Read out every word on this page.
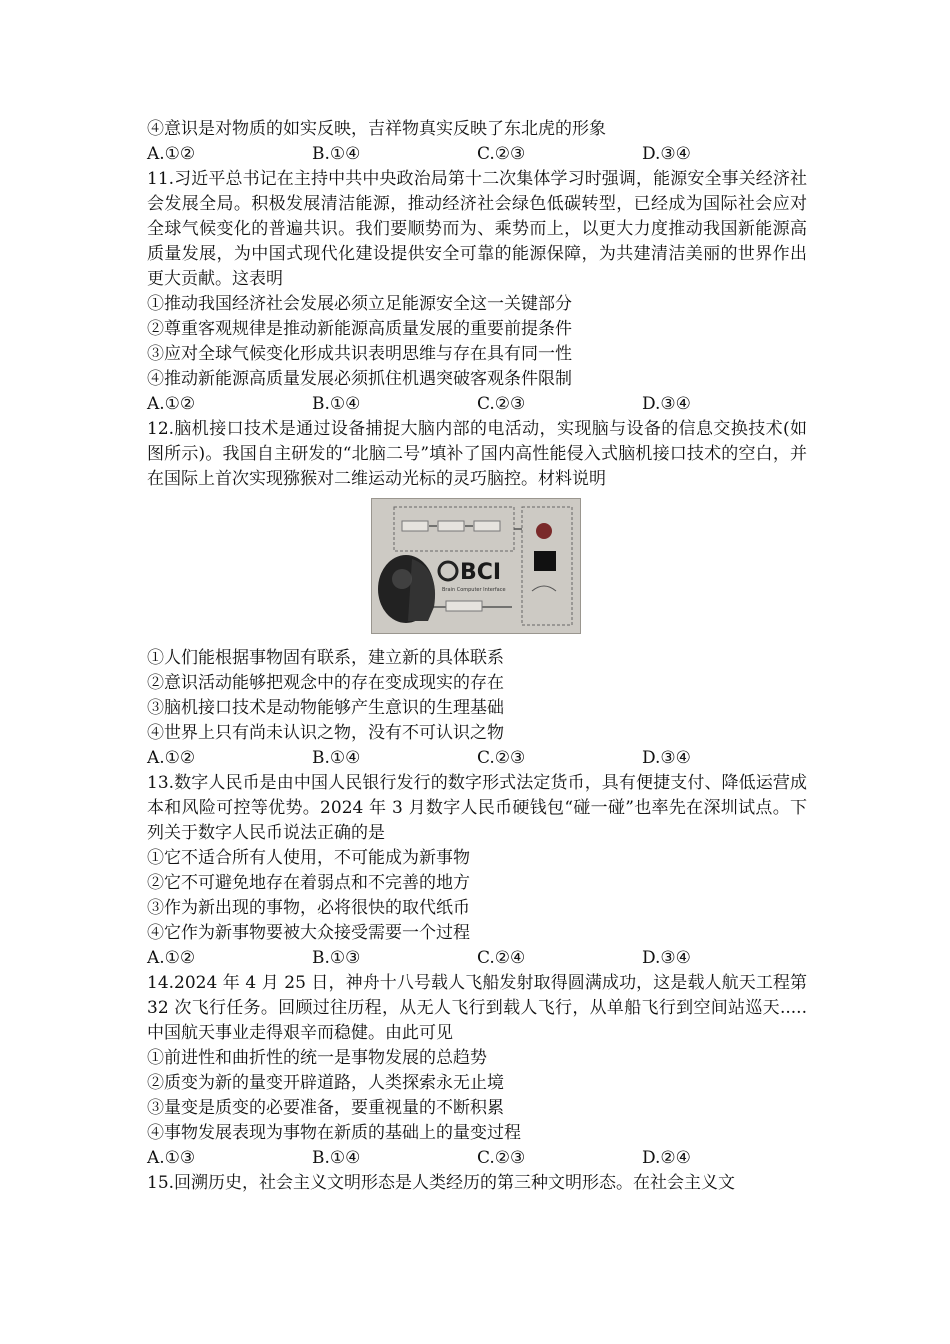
④意识是对物质的如实反映，吉祥物真实反映了东北虎的形象
A.①②	B.①④	C.②③	D.③④
11.习近平总书记在主持中共中央政治局第十二次集体学习时强调，能源安全事关经济社会发展全局。积极发展清洁能源，推动经济社会绿色低碳转型，已经成为国际社会应对全球气候变化的普遍共识。我们要顺势而为、乘势而上，以更大力度推动我国新能源高质量发展，为中国式现代化建设提供安全可靠的能源保障，为共建清洁美丽的世界作出更大贡献。这表明
①推动我国经济社会发展必须立足能源安全这一关键部分
②尊重客观规律是推动新能源高质量发展的重要前提条件
③应对全球气候变化形成共识表明思维与存在具有同一性
④推动新能源高质量发展必须抓住机遇突破客观条件限制
A.①②	B.①④	C.②③	D.③④
12.脑机接口技术是通过设备捕捉大脑内部的电活动，实现脑与设备的信息交换技术(如图所示)。我国自主研发的“北脑二号”填补了国内高性能侵入式脑机接口技术的空白，并在国际上首次实现猕猴对二维运动光标的灵巧脑控。材料说明
BCI
Brain Computer Interface
①人们能根据事物固有联系，建立新的具体联系
②意识活动能够把观念中的存在变成现实的存在
③脑机接口技术是动物能够产生意识的生理基础
④世界上只有尚未认识之物，没有不可认识之物
A.①②	B.①④	C.②③	D.③④
13.数字人民币是由中国人民银行发行的数字形式法定货币，具有便捷支付、降低运营成本和风险可控等优势。2024 年 3 月数字人民币硬钱包“碰一碰”也率先在深圳试点。下列关于数字人民币说法正确的是
①它不适合所有人使用，不可能成为新事物
②它不可避免地存在着弱点和不完善的地方
③作为新出现的事物，必将很快的取代纸币
④它作为新事物要被大众接受需要一个过程
A.①②	B.①③	C.②④	D.③④
14.2024 年 4 月 25 日，神舟十八号载人飞船发射取得圆满成功，这是载人航天工程第 32 次飞行任务。回顾过往历程，从无人飞行到载人飞行，从单船飞行到空间站巡天.....中国航天事业走得艰辛而稳健。由此可见
①前进性和曲折性的统一是事物发展的总趋势
②质变为新的量变开辟道路，人类探索永无止境
③量变是质变的必要准备，要重视量的不断积累
④事物发展表现为事物在新质的基础上的量变过程
A.①③	B.①④	C.②③	D.②④
15.回溯历史，社会主义文明形态是人类经历的第三种文明形态。在社会主义文
